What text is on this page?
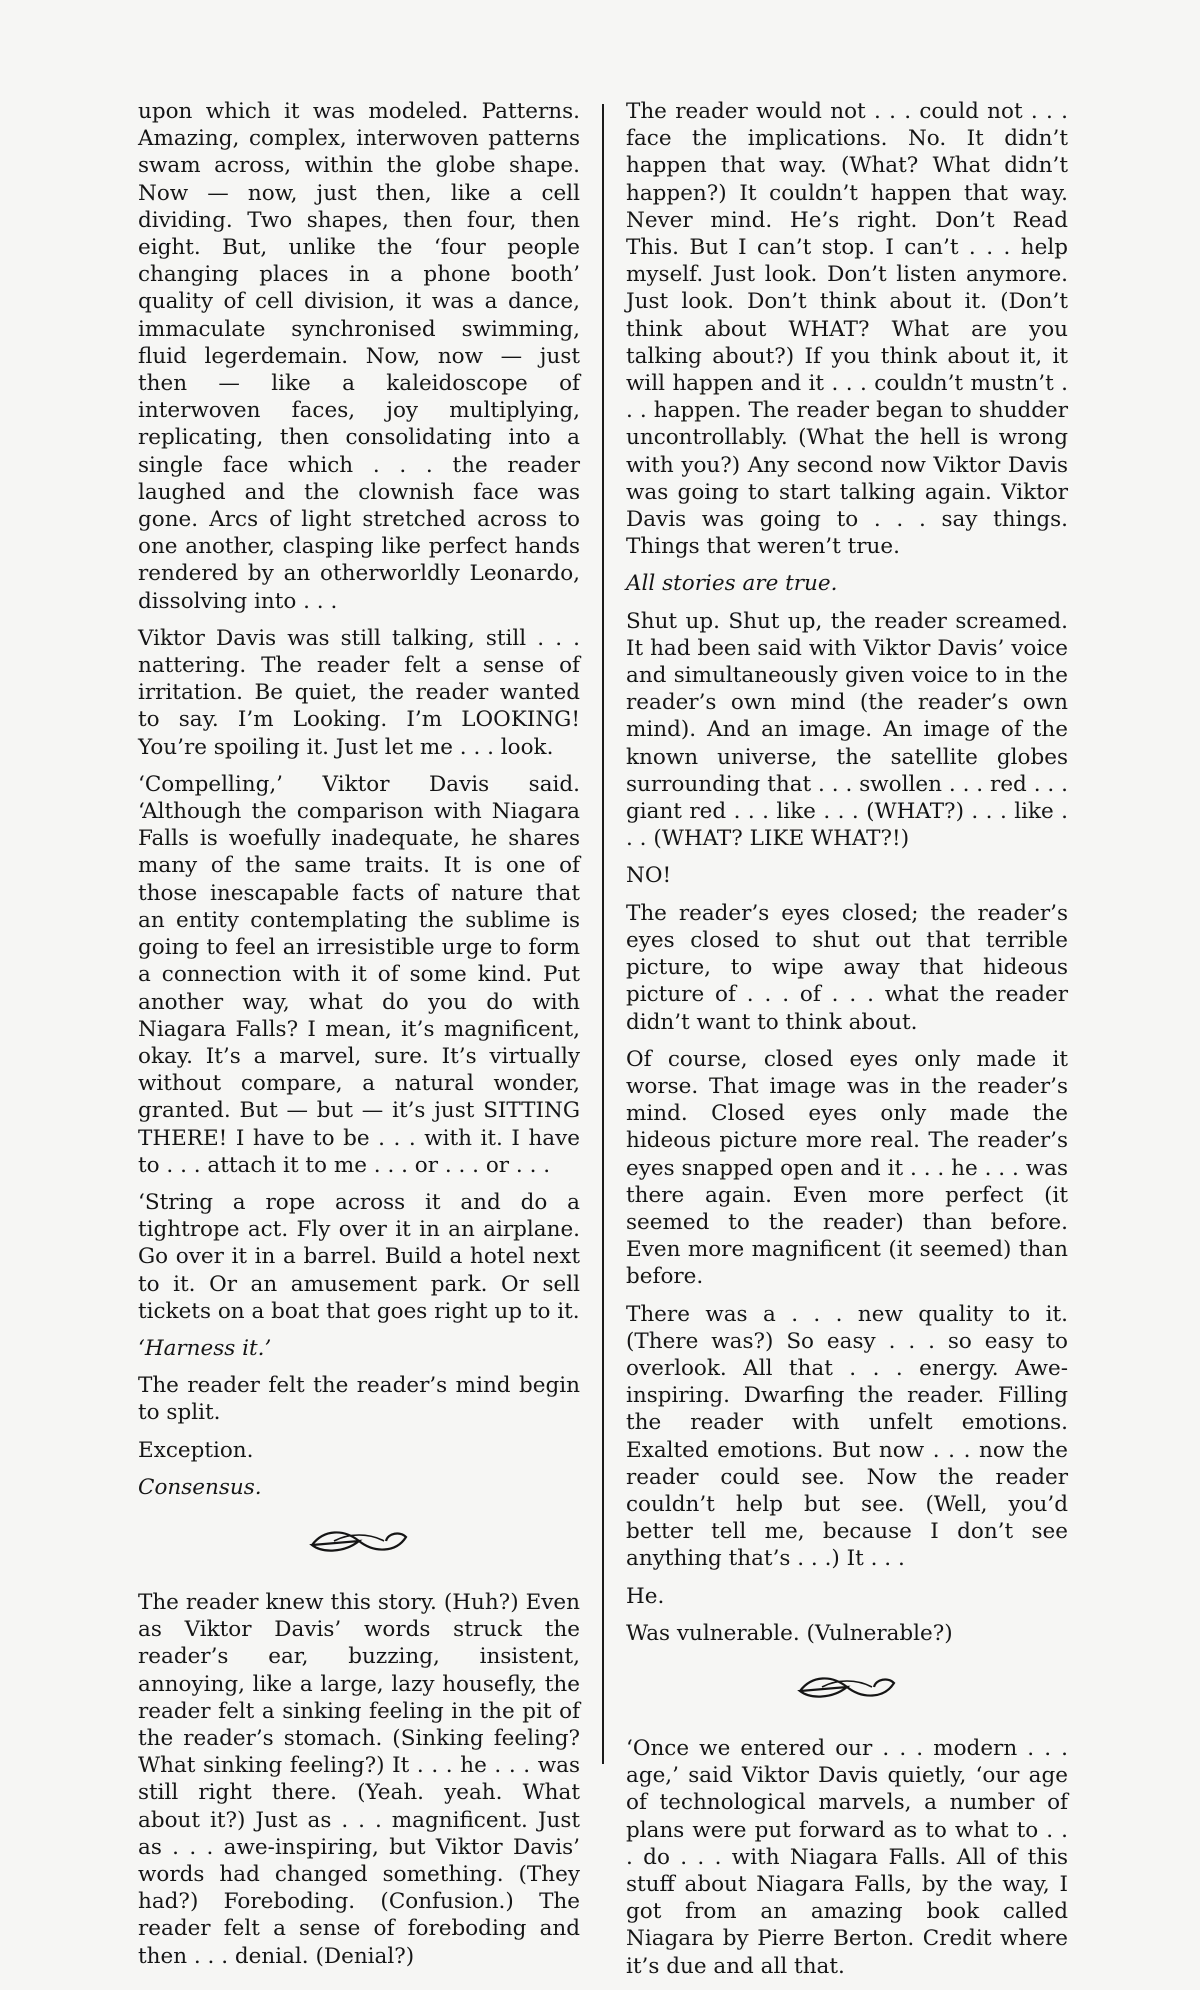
upon which it was modeled. Patterns. Amazing, complex, interwoven patterns swam across, within the globe shape. Now — now, just then, like a cell dividing. Two shapes, then four, then eight. But, unlike the ‘four people changing places in a phone booth’ quality of cell division, it was a dance, immaculate synchronised swimming, fluid legerdemain. Now, now — just then — like a kaleidoscope of interwoven faces, joy multiplying, replicating, then consolidating into a single face which . . . the reader laughed and the clownish face was gone. Arcs of light stretched across to one another, clasping like perfect hands rendered by an otherworldly Leonardo, dissolving into . . .

Viktor Davis was still talking, still . . . nattering. The reader felt a sense of irritation. Be quiet, the reader wanted to say. I’m Looking. I’m LOOKING! You’re spoiling it. Just let me . . . look.

‘Compelling,’ Viktor Davis said. ‘Although the comparison with Niagara Falls is woefully inadequate, he shares many of the same traits. It is one of those inescapable facts of nature that an entity contemplating the sublime is going to feel an irresistible urge to form a connection with it of some kind. Put another way, what do you do with Niagara Falls? I mean, it’s magnificent, okay. It’s a marvel, sure. It’s virtually without compare, a natural wonder, granted. But — but — it’s just SITTING THERE! I have to be . . . with it. I have to . . . attach it to me . . . or . . . or . . .

‘String a rope across it and do a tightrope act. Fly over it in an airplane. Go over it in a barrel. Build a hotel next to it. Or an amusement park. Or sell tickets on a boat that goes right up to it.

‘Harness it.’

The reader felt the reader’s mind begin to split.

Exception.

Consensus.

The reader knew this story. (Huh?) Even as Viktor Davis’ words struck the reader’s ear, buzzing, insistent, annoying, like a large, lazy housefly, the reader felt a sinking feeling in the pit of the reader’s stomach. (Sinking feeling? What sinking feeling?) It . . . he . . . was still right there. (Yeah. yeah. What about it?) Just as . . . magnificent. Just as . . . awe-inspiring, but Viktor Davis’ words had changed something. (They had?) Foreboding. (Confusion.) The reader felt a sense of foreboding and then . . . denial. (Denial?)

The reader would not . . . could not . . . face the implications. No. It didn’t happen that way. (What? What didn’t happen?) It couldn’t happen that way. Never mind. He’s right. Don’t Read This. But I can’t stop. I can’t . . . help myself. Just look. Don’t listen anymore. Just look. Don’t think about it. (Don’t think about WHAT? What are you talking about?) If you think about it, it will happen and it . . . couldn’t mustn’t . . . happen. The reader began to shudder uncontrollably. (What the hell is wrong with you?) Any second now Viktor Davis was going to start talking again. Viktor Davis was going to . . . say things. Things that weren’t true.

All stories are true.

Shut up. Shut up, the reader screamed. It had been said with Viktor Davis’ voice and simultaneously given voice to in the reader’s own mind (the reader’s own mind). And an image. An image of the known universe, the satellite globes surrounding that . . . swollen . . . red . . . giant red . . . like . . . (WHAT?) . . . like . . . (WHAT? LIKE WHAT?!)

NO!

The reader’s eyes closed; the reader’s eyes closed to shut out that terrible picture, to wipe away that hideous picture of . . . of . . . what the reader didn’t want to think about.

Of course, closed eyes only made it worse. That image was in the reader’s mind. Closed eyes only made the hideous picture more real. The reader’s eyes snapped open and it . . . he . . . was there again. Even more perfect (it seemed to the reader) than before. Even more magnificent (it seemed) than before.

There was a . . . new quality to it. (There was?) So easy . . . so easy to overlook. All that . . . energy. Awe-inspiring. Dwarfing the reader. Filling the reader with unfelt emotions. Exalted emotions. But now . . . now the reader could see. Now the reader couldn’t help but see. (Well, you’d better tell me, because I don’t see anything that’s . . .) It . . .

He.

Was vulnerable. (Vulnerable?)

‘Once we entered our . . . modern . . . age,’ said Viktor Davis quietly, ‘our age of technological marvels, a number of plans were put forward as to what to . . . do . . . with Niagara Falls. All of this stuff about Niagara Falls, by the way, I got from an amazing book called Niagara by Pierre Berton. Credit where it’s due and all that.
